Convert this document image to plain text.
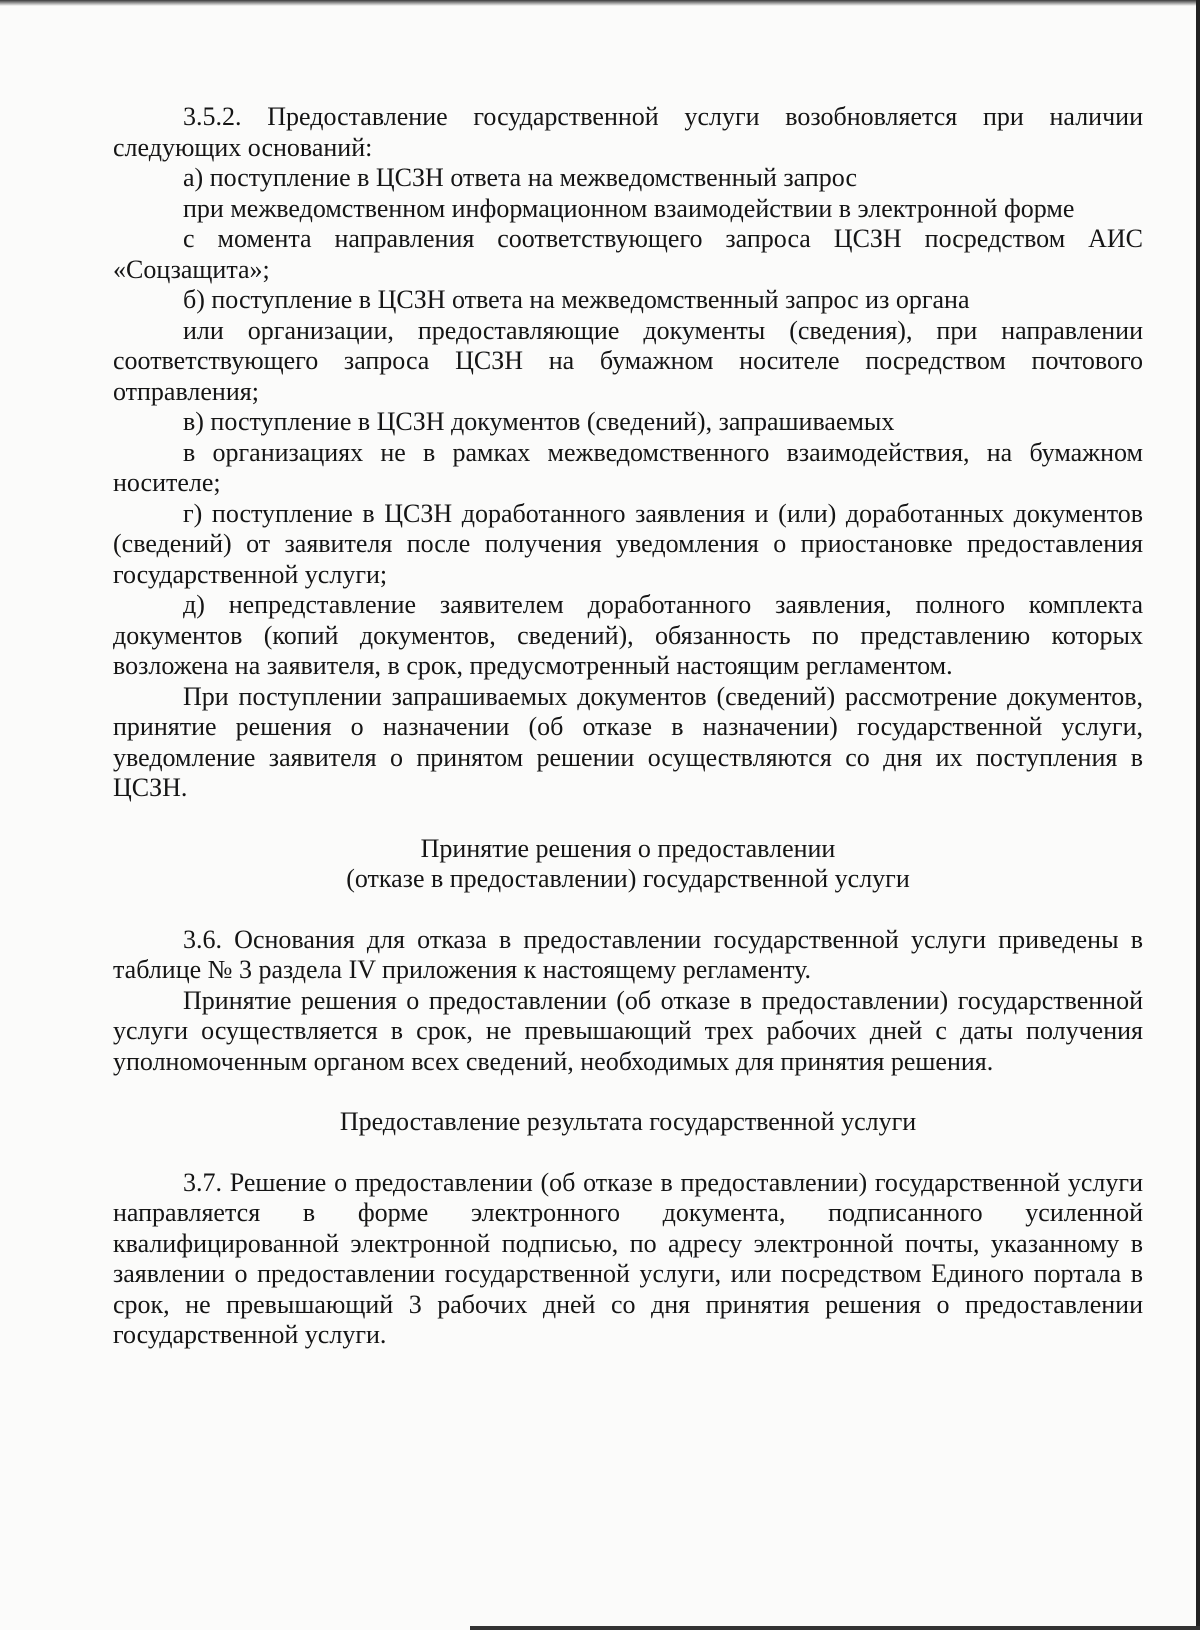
3.5.2. Предоставление государственной услуги возобновляется при наличии следующих оснований:

а) поступление в ЦСЗН ответа на межведомственный запрос

при межведомственном информационном взаимодействии в электронной форме

с момента направления соответствующего запроса ЦСЗН посредством АИС «Соцзащита»;

б) поступление в ЦСЗН ответа на межведомственный запрос из органа

или организации, предоставляющие документы (сведения), при направлении соответствующего запроса ЦСЗН на бумажном носителе посредством почтового отправления;

в) поступление в ЦСЗН документов (сведений), запрашиваемых

в организациях не в рамках межведомственного взаимодействия, на бумажном носителе;

г) поступление в ЦСЗН доработанного заявления и (или) доработанных документов (сведений) от заявителя после получения уведомления о приостановке предоставления государственной услуги;

д) непредставление заявителем доработанного заявления, полного комплекта документов (копий документов, сведений), обязанность по представлению которых возложена на заявителя, в срок, предусмотренный настоящим регламентом.

При поступлении запрашиваемых документов (сведений) рассмотрение документов, принятие решения о назначении (об отказе в назначении) государственной услуги, уведомление заявителя о принятом решении осуществляются со дня их поступления в ЦСЗН.

Принятие решения о предоставлении

(отказе в предоставлении) государственной услуги

3.6. Основания для отказа в предоставлении государственной услуги приведены в таблице № 3 раздела IV приложения к настоящему регламенту.

Принятие решения о предоставлении (об отказе в предоставлении) государственной услуги осуществляется в срок, не превышающий трех рабочих дней с даты получения уполномоченным органом всех сведений, необходимых для принятия решения.

Предоставление результата государственной услуги

3.7. Решение о предоставлении (об отказе в предоставлении) государственной услуги направляется в форме электронного документа, подписанного усиленной квалифицированной электронной подписью, по адресу электронной почты, указанному в заявлении о предоставлении государственной услуги, или посредством Единого портала в срок, не превышающий 3 рабочих дней со дня принятия решения о предоставлении государственной услуги.
